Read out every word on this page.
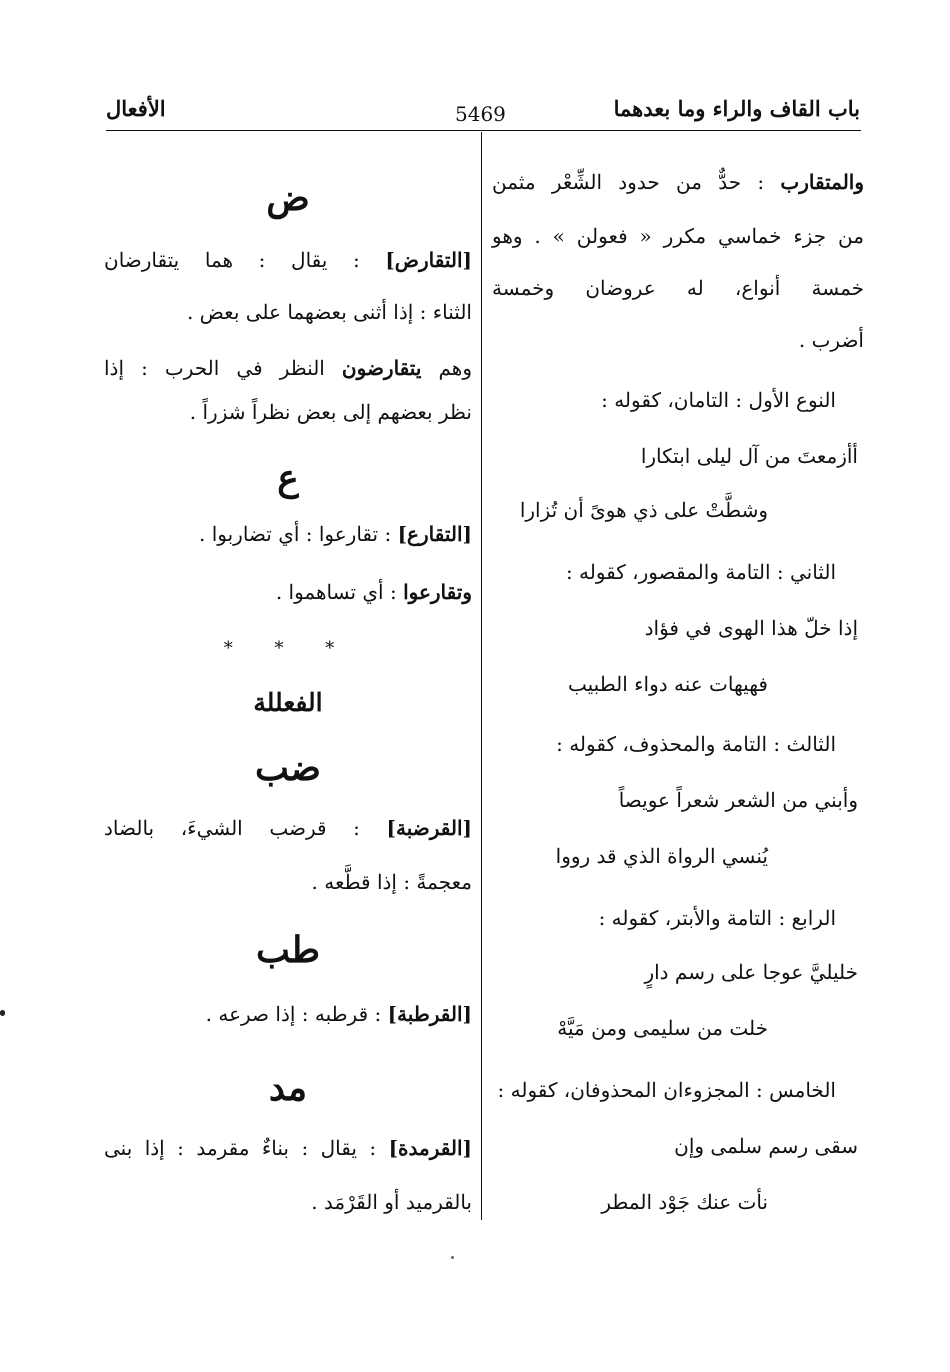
باب القاف والراء وما بعدهما
5469
الأفعال
والمتقارب : حدٌّ من حدود الشِّعْر مثمن
من جزء خماسي مكرر « فعولن » . وهو
خمسة أنواع، له عروضان وخمسة
أضرب .
النوع الأول : التامان، كقوله :
أأزمعتَ من آل ليلى ابتكارا
وشطَّتْ على ذي هوىً أن تُزارا
الثاني : التامة والمقصور، كقوله :
إذا خلّ هذا الهوى في فؤاد
فهيهات عنه دواء الطبيب
الثالث : التامة والمحذوف، كقوله :
وأبني من الشعر شعراً عويصاً
يُنسي الرواة الذي قد رووا
الرابع : التامة والأبتر، كقوله :
خليليَّ عوجا على رسم دارٍ
خلت من سليمى ومن مَيَّهْ
الخامس : المجزوءان المحذوفان، كقوله :
سقى رسم سلمى وإن
نأت عنك جَوْد المطر
ض
[التقارض] : يقال : هما يتقارضان
الثناء : إذا أثنى بعضهما على بعض .
وهم يتقارضون النظر في الحرب : إذا
نظر بعضهم إلى بعض نظراً شزراً .
ع
[التقارع] : تقارعوا : أي تضاربوا .
وتقارعوا : أي تساهموا .
* * *
الفعللة
ضب
[القرضبة] : قرضب الشيءَ، بالضاد
معجمةً : إذا قطَّعه .
طب
[القرطبة] : قرطبه : إذا صرعه .
مد
[القرمدة] : يقال : بناءٌ مقرمد : إذا بنى
بالقرميد أو القَرْمَد .
